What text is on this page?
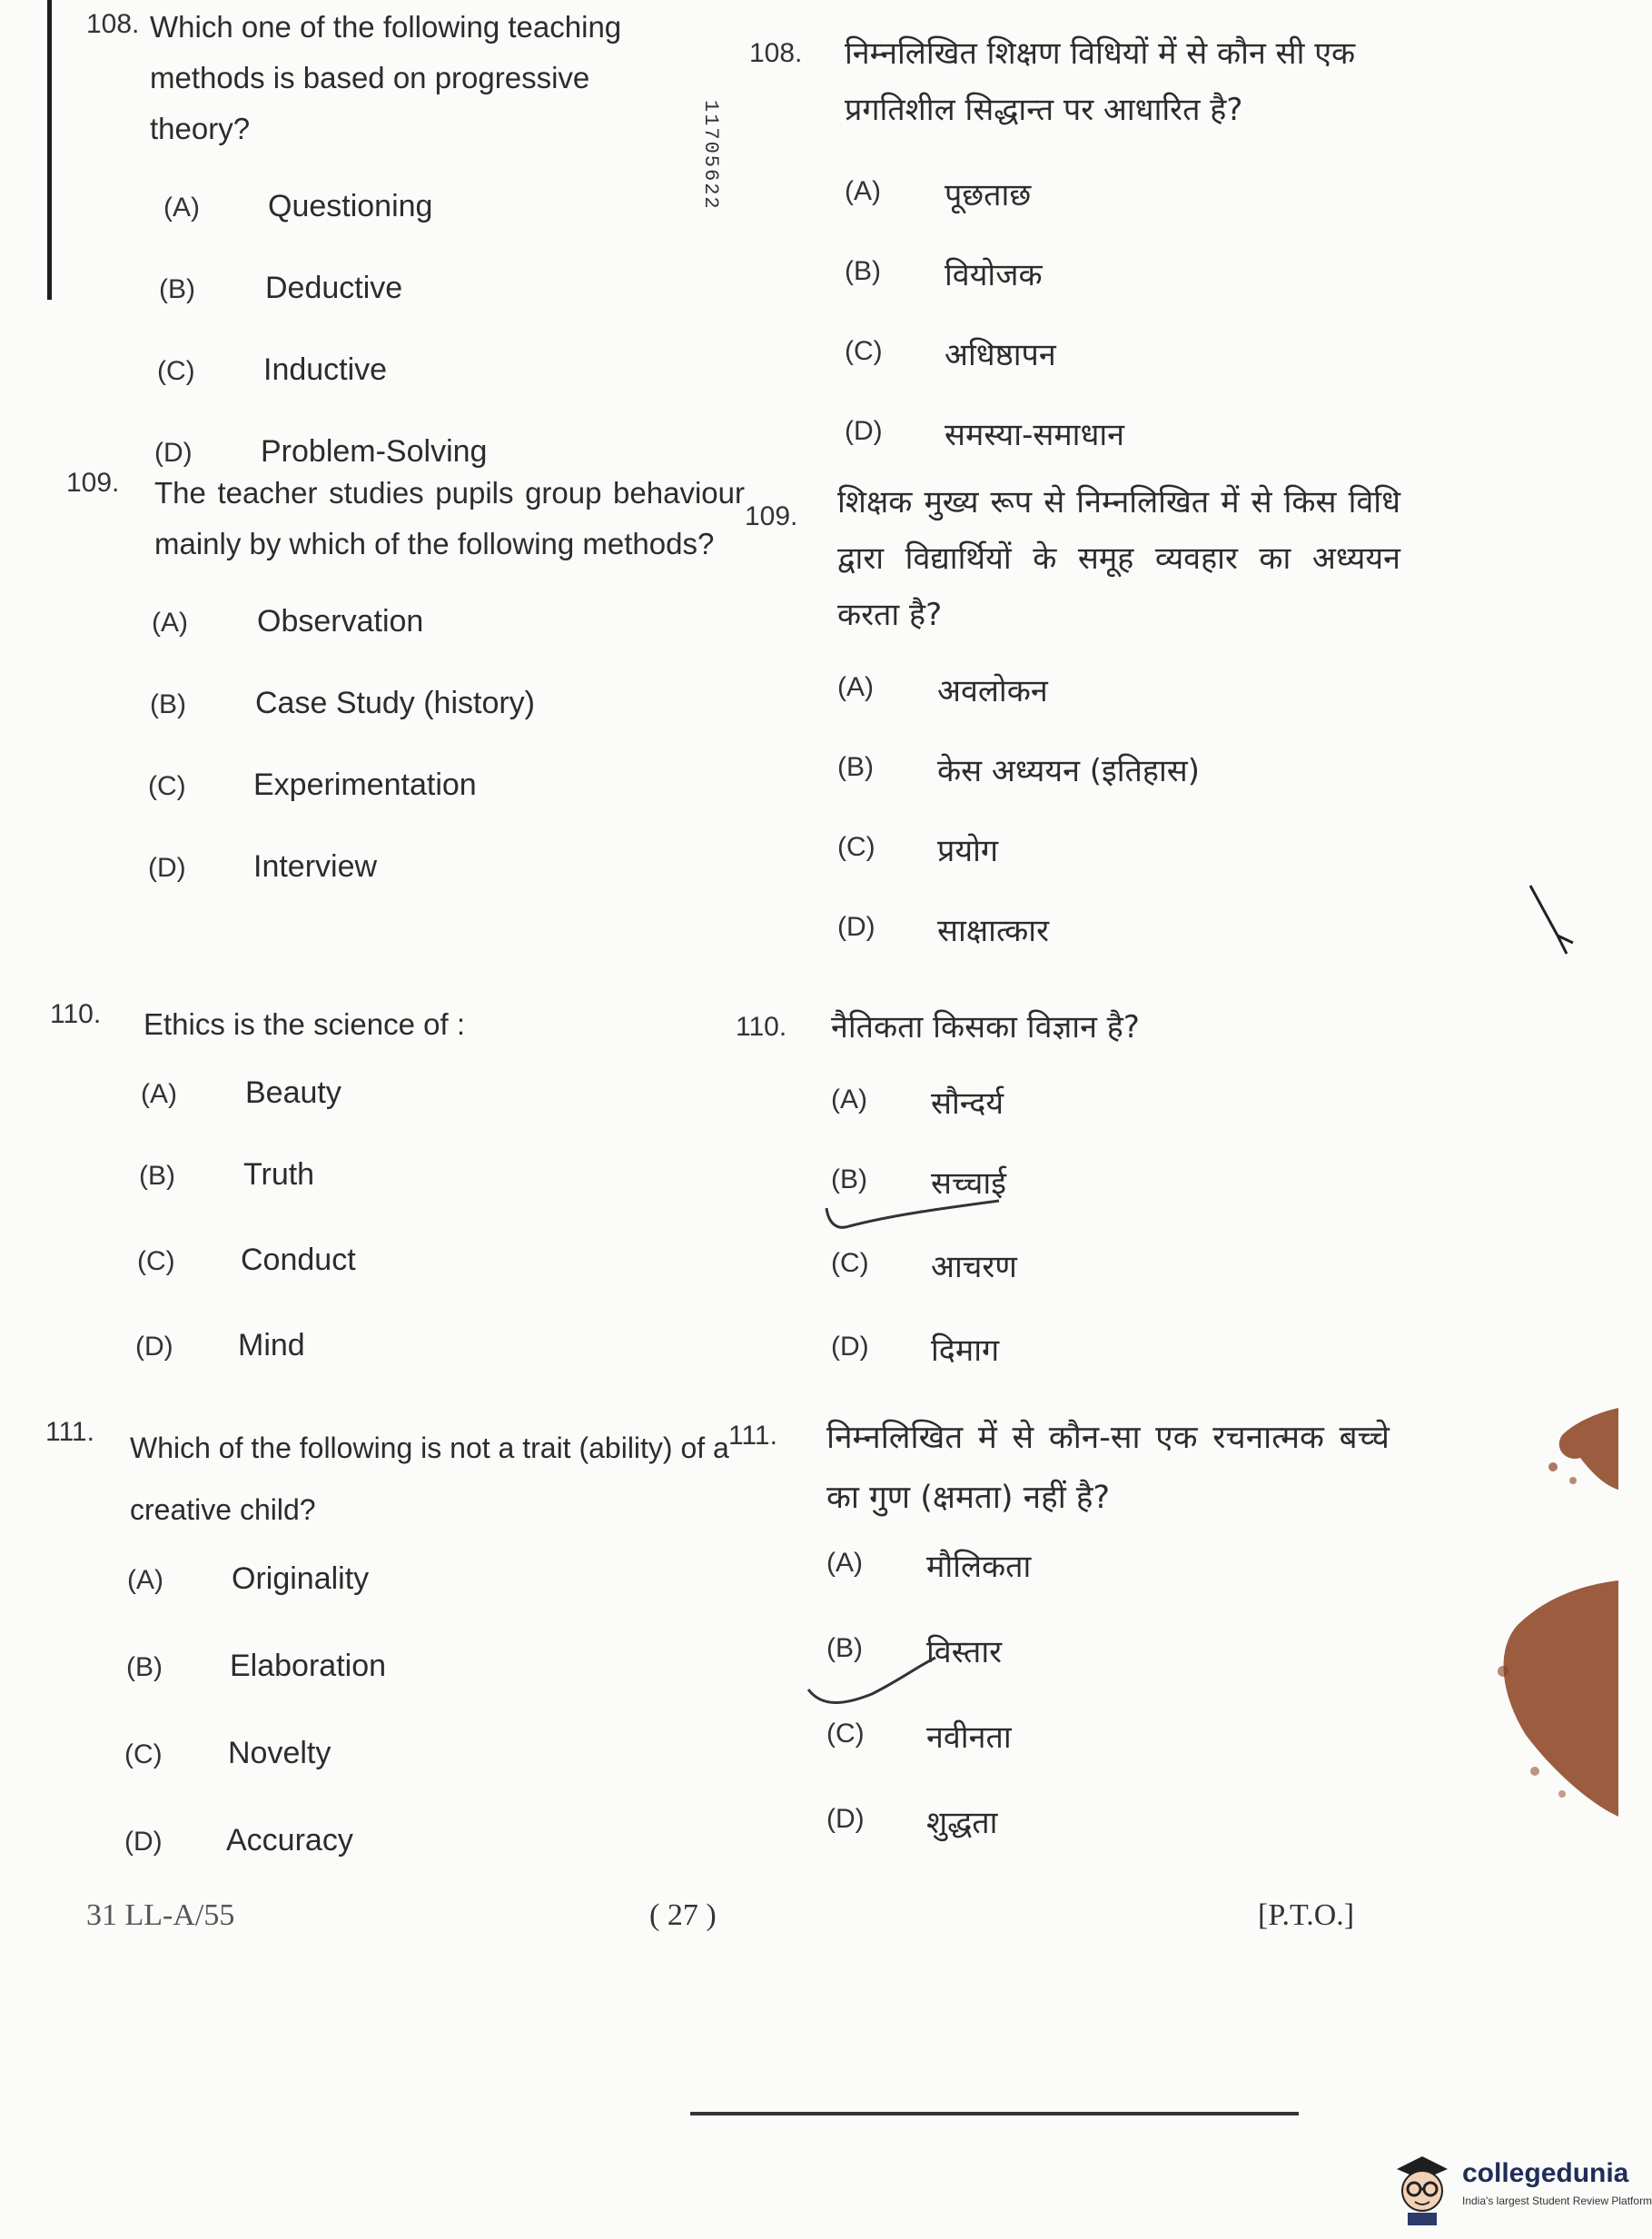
11705622
108. Which one of the following teaching methods is based on progressive theory?
(A) Questioning
(B) Deductive
(C) Inductive
(D) Problem-Solving
109. The teacher studies pupils group behaviour mainly by which of the following methods?
(A) Observation
(B) Case Study (history)
(C) Experimentation
(D) Interview
110. Ethics is the science of :
(A) Beauty
(B) Truth
(C) Conduct
(D) Mind
111. Which of the following is not a trait (ability) of a creative child?
(A) Originality
(B) Elaboration
(C) Novelty
(D) Accuracy
108. निम्नलिखित शिक्षण विधियों में से कौन सी एक प्रगतिशील सिद्धान्त पर आधारित है?
(A) पूछताछ
(B) वियोजक
(C) अधिष्ठापन
(D) समस्या-समाधान
109. शिक्षक मुख्य रूप से निम्नलिखित में से किस विधि द्वारा विद्यार्थियों के समूह व्यवहार का अध्ययन करता है?
(A) अवलोकन
(B) केस अध्ययन (इतिहास)
(C) प्रयोग
(D) साक्षात्कार
110. नैतिकता किसका विज्ञान है?
(A) सौन्दर्य
(B) सच्चाई
(C) आचरण
(D) दिमाग
111. निम्नलिखित में से कौन-सा एक रचनात्मक बच्चे का गुण (क्षमता) नहीं है?
(A) मौलिकता
(B) विस्तार
(C) नवीनता
(D) शुद्धता
31 LL-A/55	( 27 )	[P.T.O.]
collegedunia
India's largest Student Review Platform
